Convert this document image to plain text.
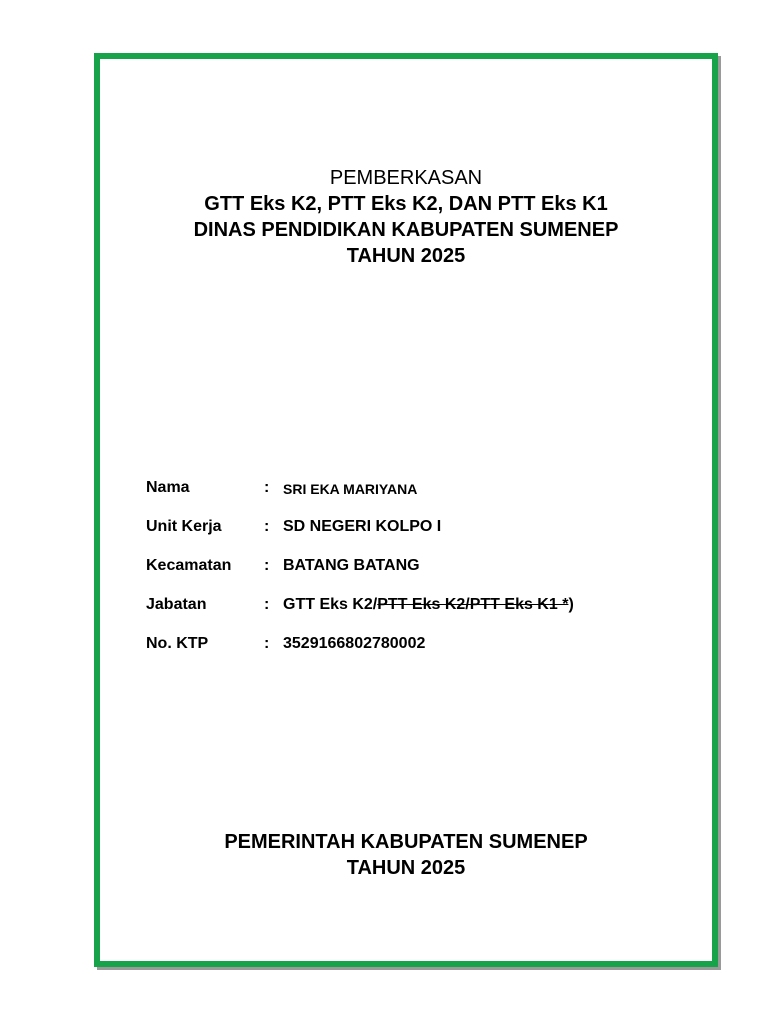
PEMBERKASAN
GTT Eks K2, PTT Eks K2, DAN PTT Eks K1
DINAS PENDIDIKAN KABUPATEN SUMENEP
TAHUN 2025
Nama	: SRI EKA MARIYANA
Unit Kerja	: SD NEGERI KOLPO I
Kecamatan : BATANG BATANG
Jabatan	: GTT Eks K2/PTT Eks K2/PTT Eks K1 *)
No. KTP	: 3529166802780002
PEMERINTAH KABUPATEN SUMENEP
TAHUN 2025
